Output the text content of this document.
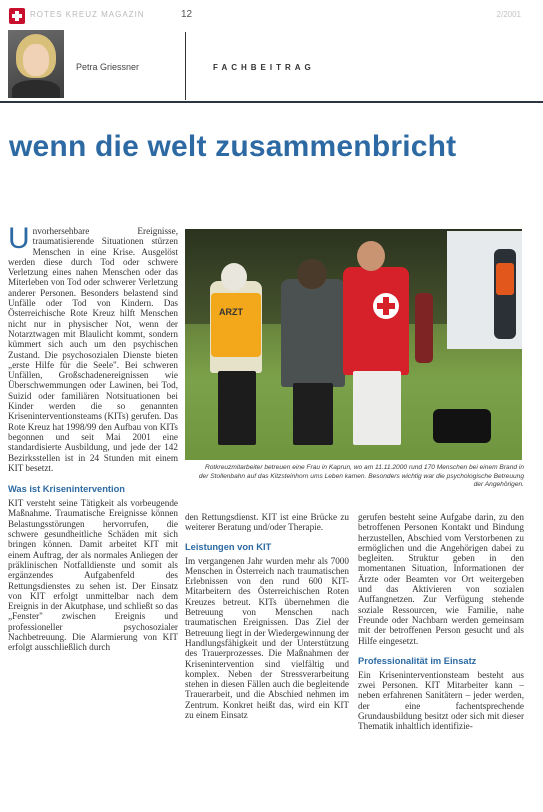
ROTES KREUZ MAGAZIN	12	2/2001
Petra Griessner	FACHBEITRAG
wenn die welt zusammenbricht

Unvorhersehbare Ereignisse, traumatisierende Situationen stürzen Menschen in eine Krise. Ausgelöst werden diese durch Tod oder schwere Verletzung eines nahen Menschen oder das Miterleben von Tod oder schwerer Verletzung anderer Personen. Besonders belastend sind Unfälle oder Tod von Kindern. Das Österreichische Rote Kreuz hilft Menschen nicht nur in physischer Not, wenn der Notarztwagen mit Blaulicht kommt, sondern kümmert sich auch um den psychischen Zustand. Die psychosozialen Dienste bieten „erste Hilfe für die Seele". Bei schweren Unfällen, Großschadenereignissen wie Überschwemmungen oder Lawinen, bei Tod, Suizid oder familiären Notsituationen bei Kinder werden die so genannten Kriseninterventionsteams (KITs) gerufen. Das Rote Kreuz hat 1998/99 den Aufbau von KITs begonnen und seit Mai 2001 eine standardisierte Ausbildung, und jede der 142 Bezirksstellen ist in 24 Stunden mit einem KIT besetzt.

Was ist Krisenintervention

KIT versteht seine Tätigkeit als vorbeugende Maßnahme. Traumatische Ereignisse können Belastungsstörungen hervorrufen, die schwere gesundheitliche Schäden mit sich bringen können. Damit arbeitet KIT mit einem Auftrag, der als normales Anliegen der präklinischen Notfalldienste und somit als ergänzendes Aufgabenfeld des Rettungsdienstes zu sehen ist. Der Einsatz von KIT erfolgt unmittelbar nach dem Ereignis in der Akutphase, und schließt so das „Fenster" zwischen Ereignis und professioneller psychosozialer Nachbetreuung. Die Alarmierung von KIT erfolgt ausschließlich durch

ARZT

Rotkreuzmitarbeiter betreuen eine Frau in Kaprun, wo am 11.11.2000 rund 170 Menschen bei einem Brand in der Stollenbahn auf das Kitzsteinhorn ums Leben kamen. Besonders wichtig war die psychologische Betreuung der Angehörigen.

den Rettungsdienst. KIT ist eine Brücke zu weiterer Beratung und/oder Therapie.

Leistungen von KIT

Im vergangenen Jahr wurden mehr als 7000 Menschen in Österreich nach traumatischen Erlebnissen von den rund 600 KIT-Mitarbeitern des Österreichischen Roten Kreuzes betreut. KITs übernehmen die Betreuung von Menschen nach traumatischen Ereignissen. Das Ziel der Betreuung liegt in der Wiedergewinnung der Handlungsfähigkeit und der Unterstützung des Trauerprozesses. Die Maßnahmen der Krisenintervention sind vielfältig und komplex. Neben der Stressverarbeitung stehen in diesen Fällen auch die begleitende Trauerarbeit, und die Abschied nehmen im Zentrum. Konkret heißt das, wird ein KIT zu einem Einsatz

gerufen besteht seine Aufgabe darin, zu den betroffenen Personen Kontakt und Bindung herzustellen, Abschied vom Verstorbenen zu ermöglichen und die Angehörigen dabei zu begleiten. Struktur geben in den momentanen Situation, Informationen der Ärzte oder Beamten vor Ort weitergeben und das Aktivieren von sozialen Auffangnetzen. Zur Verfügung stehende soziale Ressourcen, wie Familie, nahe Freunde oder Nachbarn werden gemeinsam mit der betroffenen Person gesucht und als Hilfe eingesetzt.

Professionalität im Einsatz

Ein Kriseninterventionsteam besteht aus zwei Personen. KIT Mitarbeiter kann – neben erfahrenen Sanitätern – jeder werden, der eine fachentsprechende Grundausbildung besitzt oder sich mit dieser Thematik inhaltlich identifizie-
